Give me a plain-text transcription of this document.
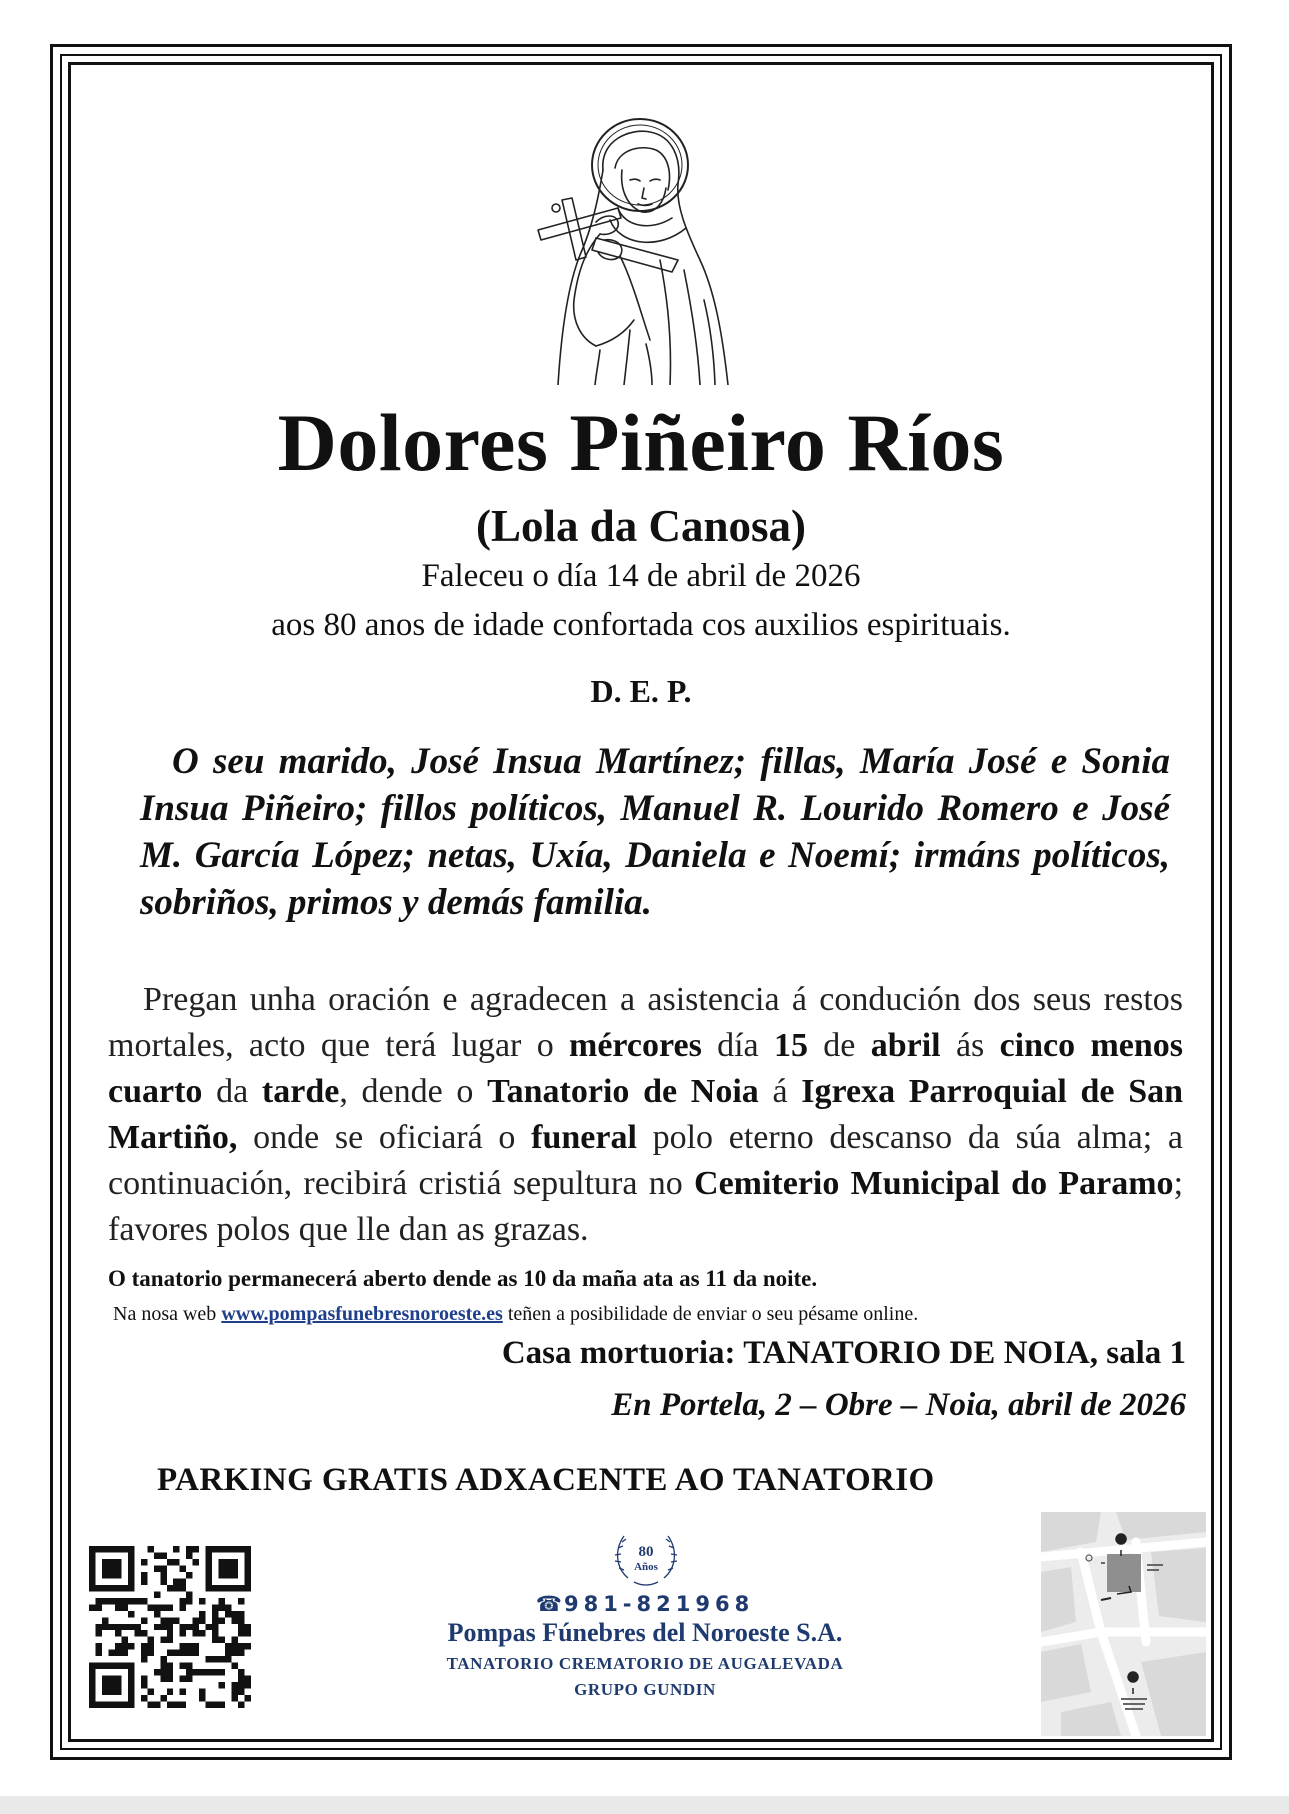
Dolores Piñeiro Ríos
(Lola da Canosa)
Faleceu o día 14 de abril de 2026
aos 80 anos de idade confortada cos auxilios espirituais.
D. E. P.
O seu marido, José Insua Martínez; fillas, María José e Sonia Insua Piñeiro; fillos políticos, Manuel R. Lourido Romero e José M. García López; netas, Uxía, Daniela e Noemí; irmáns políticos, sobriños, primos y demás familia.
Pregan unha oración e agradecen a asistencia á condución dos seus restos mortales, acto que terá lugar o mércores día 15 de abril ás cinco menos cuarto da tarde, dende o Tanatorio de Noia á Igrexa Parroquial de San Martiño, onde se oficiará o funeral polo eterno descanso da súa alma; a continuación, recibirá cristiá sepultura no Cemiterio Municipal do Paramo; favores polos que lle dan as grazas.
O tanatorio permanecerá aberto dende as 10 da maña ata as 11 da noite.
Na nosa web www.pompasfunebresnoroeste.es teñen a posibilidade de enviar o seu pésame online.
Casa mortuoria: TANATORIO DE NOIA, sala 1
En Portela, 2 – Obre – Noia, abril de 2026
PARKING GRATIS ADXACENTE AO TANATORIO
80
Años
☎981-821968
Pompas Fúnebres del Noroeste S.A.
TANATORIO CREMATORIO DE AUGALEVADA
GRUPO GUNDIN
